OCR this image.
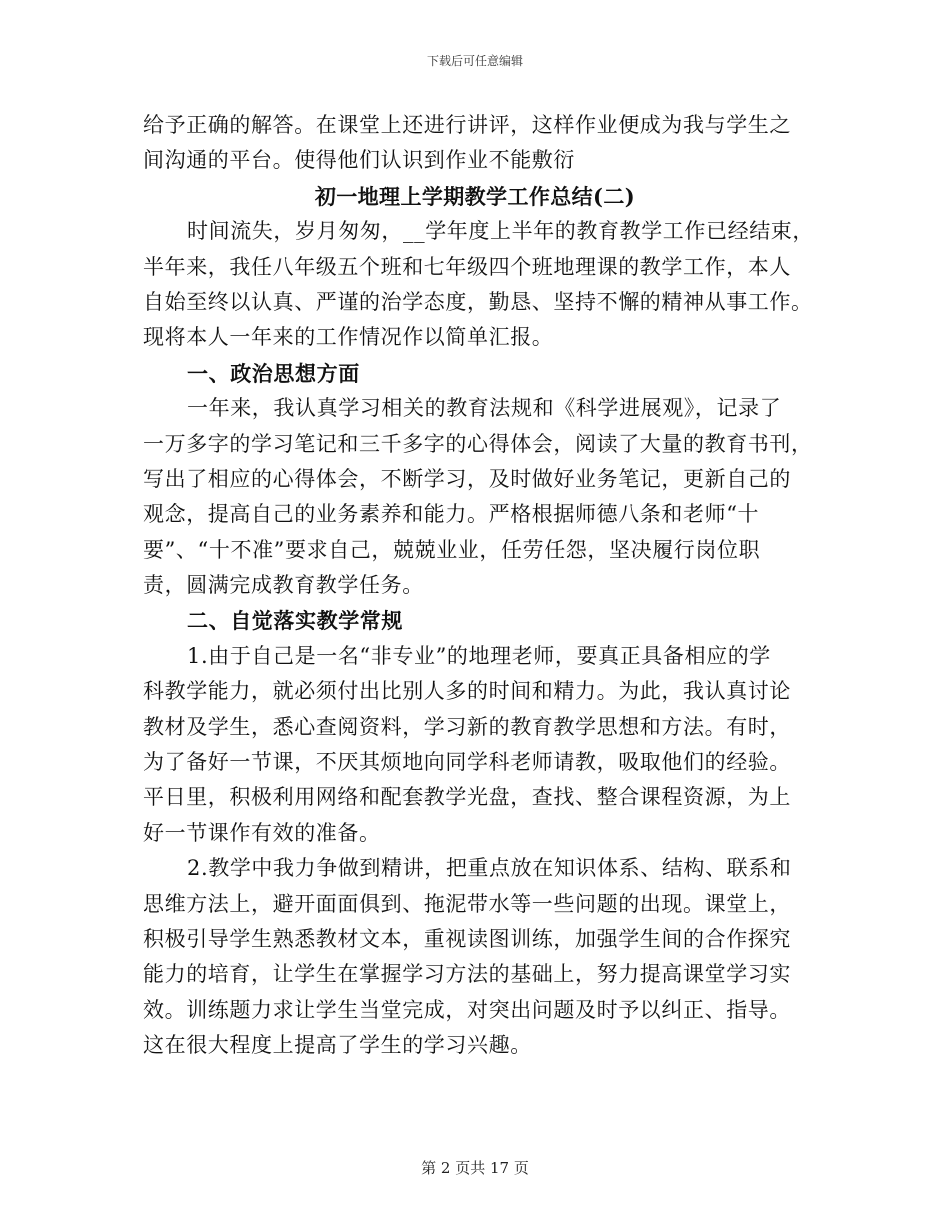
下载后可任意编辑
给予正确的解答。在课堂上还进行讲评，这样作业便成为我与学生之
间沟通的平台。使得他们认识到作业不能敷衍
初一地理上学期教学工作总结(二)
时间流失，岁月匆匆，__学年度上半年的教育教学工作已经结束，
半年来，我任八年级五个班和七年级四个班地理课的教学工作，本人
自始至终以认真、严谨的治学态度，勤恳、坚持不懈的精神从事工作。
现将本人一年来的工作情况作以简单汇报。
一、政治思想方面
一年来，我认真学习相关的教育法规和《科学进展观》，记录了
一万多字的学习笔记和三千多字的心得体会，阅读了大量的教育书刊，
写出了相应的心得体会，不断学习，及时做好业务笔记，更新自己的
观念，提高自己的业务素养和能力。严格根据师德八条和老师“十
要”、“十不准”要求自己，兢兢业业，任劳任怨，坚决履行岗位职
责，圆满完成教育教学任务。
二、自觉落实教学常规
1.由于自己是一名“非专业”的地理老师，要真正具备相应的学
科教学能力，就必须付出比别人多的时间和精力。为此，我认真讨论
教材及学生，悉心查阅资料，学习新的教育教学思想和方法。有时，
为了备好一节课，不厌其烦地向同学科老师请教，吸取他们的经验。
平日里，积极利用网络和配套教学光盘，查找、整合课程资源，为上
好一节课作有效的准备。
2.教学中我力争做到精讲，把重点放在知识体系、结构、联系和
思维方法上，避开面面俱到、拖泥带水等一些问题的出现。课堂上，
积极引导学生熟悉教材文本，重视读图训练，加强学生间的合作探究
能力的培育，让学生在掌握学习方法的基础上，努力提高课堂学习实
效。训练题力求让学生当堂完成，对突出问题及时予以纠正、指导。
这在很大程度上提高了学生的学习兴趣。
第 2 页共 17 页
